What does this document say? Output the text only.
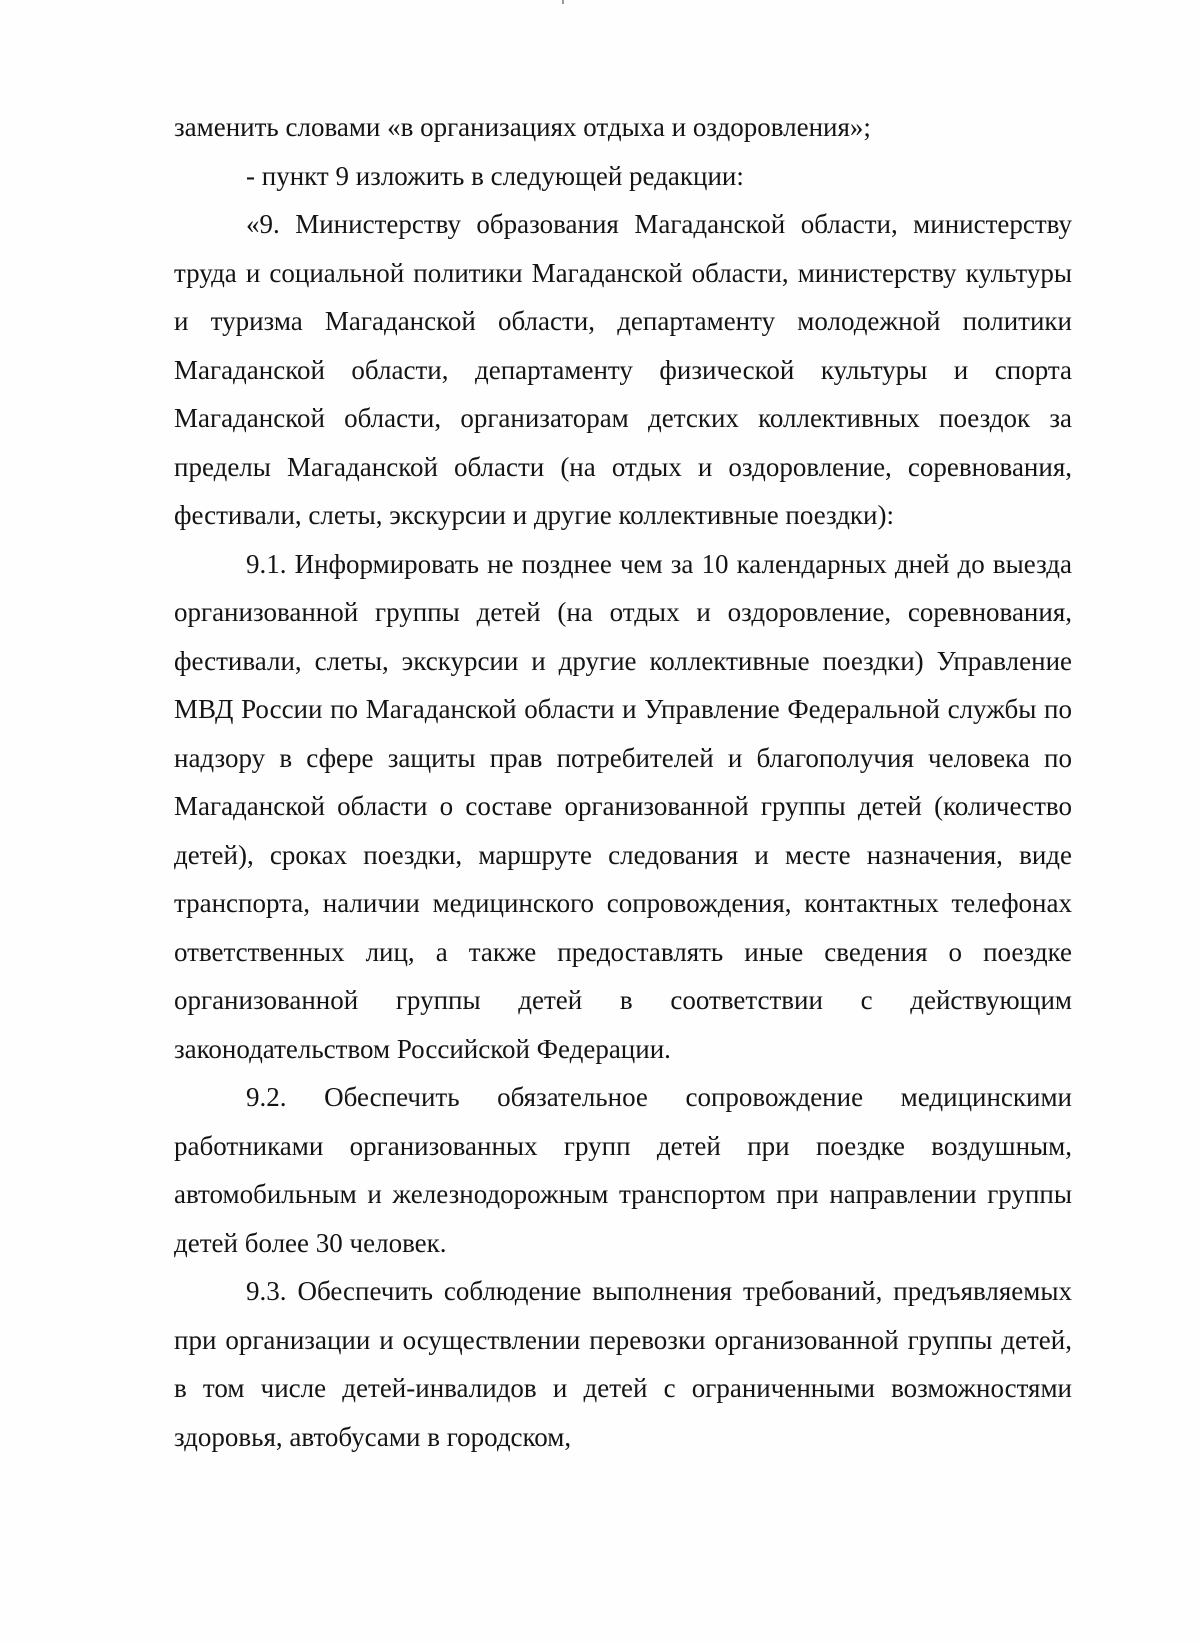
заменить словами «в организациях отдыха и оздоровления»;

- пункт 9 изложить в следующей редакции:

«9. Министерству образования Магаданской области, министерству труда и социальной политики Магаданской области, министерству культуры и туризма Магаданской области, департаменту молодежной политики Магаданской области, департаменту физической культуры и спорта Магаданской области, организаторам детских коллективных поездок за пределы Магаданской области (на отдых и оздоровление, соревнования, фестивали, слеты, экскурсии и другие коллективные поездки):

9.1. Информировать не позднее чем за 10 календарных дней до выезда организованной группы детей (на отдых и оздоровление, соревнования, фестивали, слеты, экскурсии и другие коллективные поездки) Управление МВД России по Магаданской области и Управление Федеральной службы по надзору в сфере защиты прав потребителей и благополучия человека по Магаданской области о составе организованной группы детей (количество детей), сроках поездки, маршруте следования и месте назначения, виде транспорта, наличии медицинского сопровождения, контактных телефонах ответственных лиц, а также предоставлять иные сведения о поездке организованной группы детей в соответствии с действующим законодательством Российской Федерации.

9.2. Обеспечить обязательное сопровождение медицинскими работниками организованных групп детей при поездке воздушным, автомобильным и железнодорожным транспортом при направлении группы детей более 30 человек.

9.3. Обеспечить соблюдение выполнения требований, предъявляемых при организации и осуществлении перевозки организованной группы детей, в том числе детей-инвалидов и детей с ограниченными возможностями здоровья, автобусами в городском,
